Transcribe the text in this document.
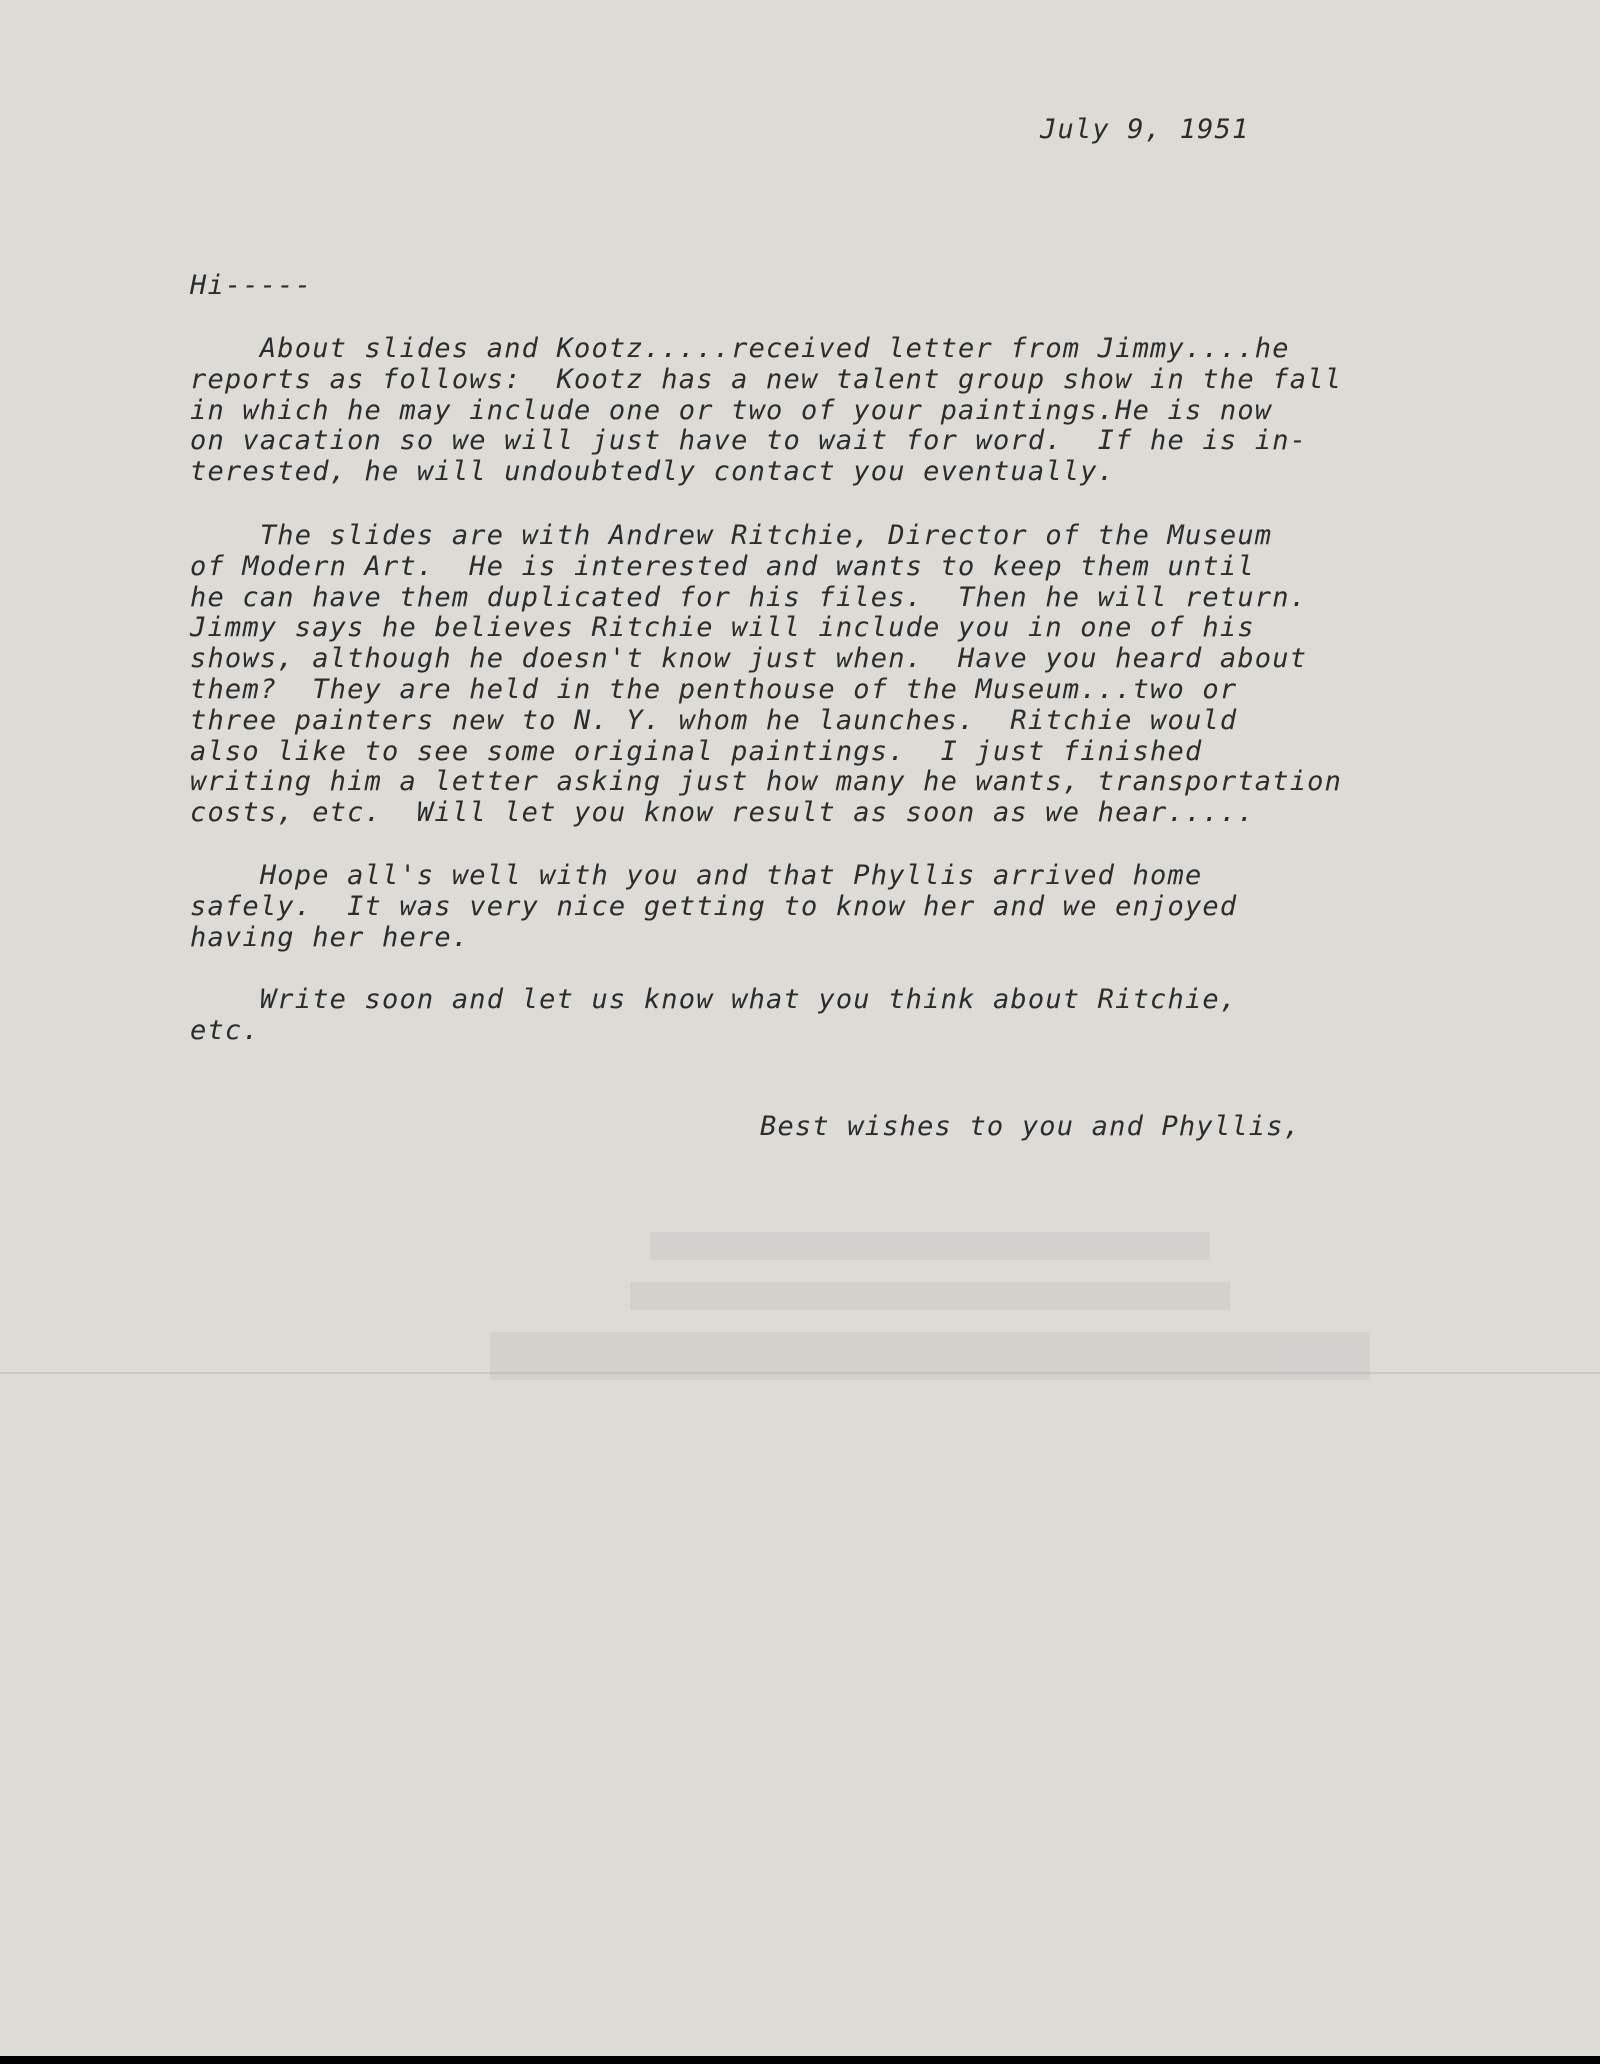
July 9, 1951

Hi-----

About slides and Kootz.....received letter from Jimmy....he
reports as follows:  Kootz has a new talent group show in the fall
in which he may include one or two of your paintings.He is now
on vacation so we will just have to wait for word.  If he is in-
terested, he will undoubtedly contact you eventually.

The slides are with Andrew Ritchie, Director of the Museum
of Modern Art.  He is interested and wants to keep them until
he can have them duplicated for his files.  Then he will return.
Jimmy says he believes Ritchie will include you in one of his
shows, although he doesn't know just when.  Have you heard about
them?  They are held in the penthouse of the Museum...two or
three painters new to N. Y. whom he launches.  Ritchie would
also like to see some original paintings.  I just finished
writing him a letter asking just how many he wants, transportation
costs, etc.  Will let you know result as soon as we hear.....

Hope all's well with you and that Phyllis arrived home
safely.  It was very nice getting to know her and we enjoyed
having her here.

Write soon and let us know what you think about Ritchie,
etc.

Best wishes to you and Phyllis,
